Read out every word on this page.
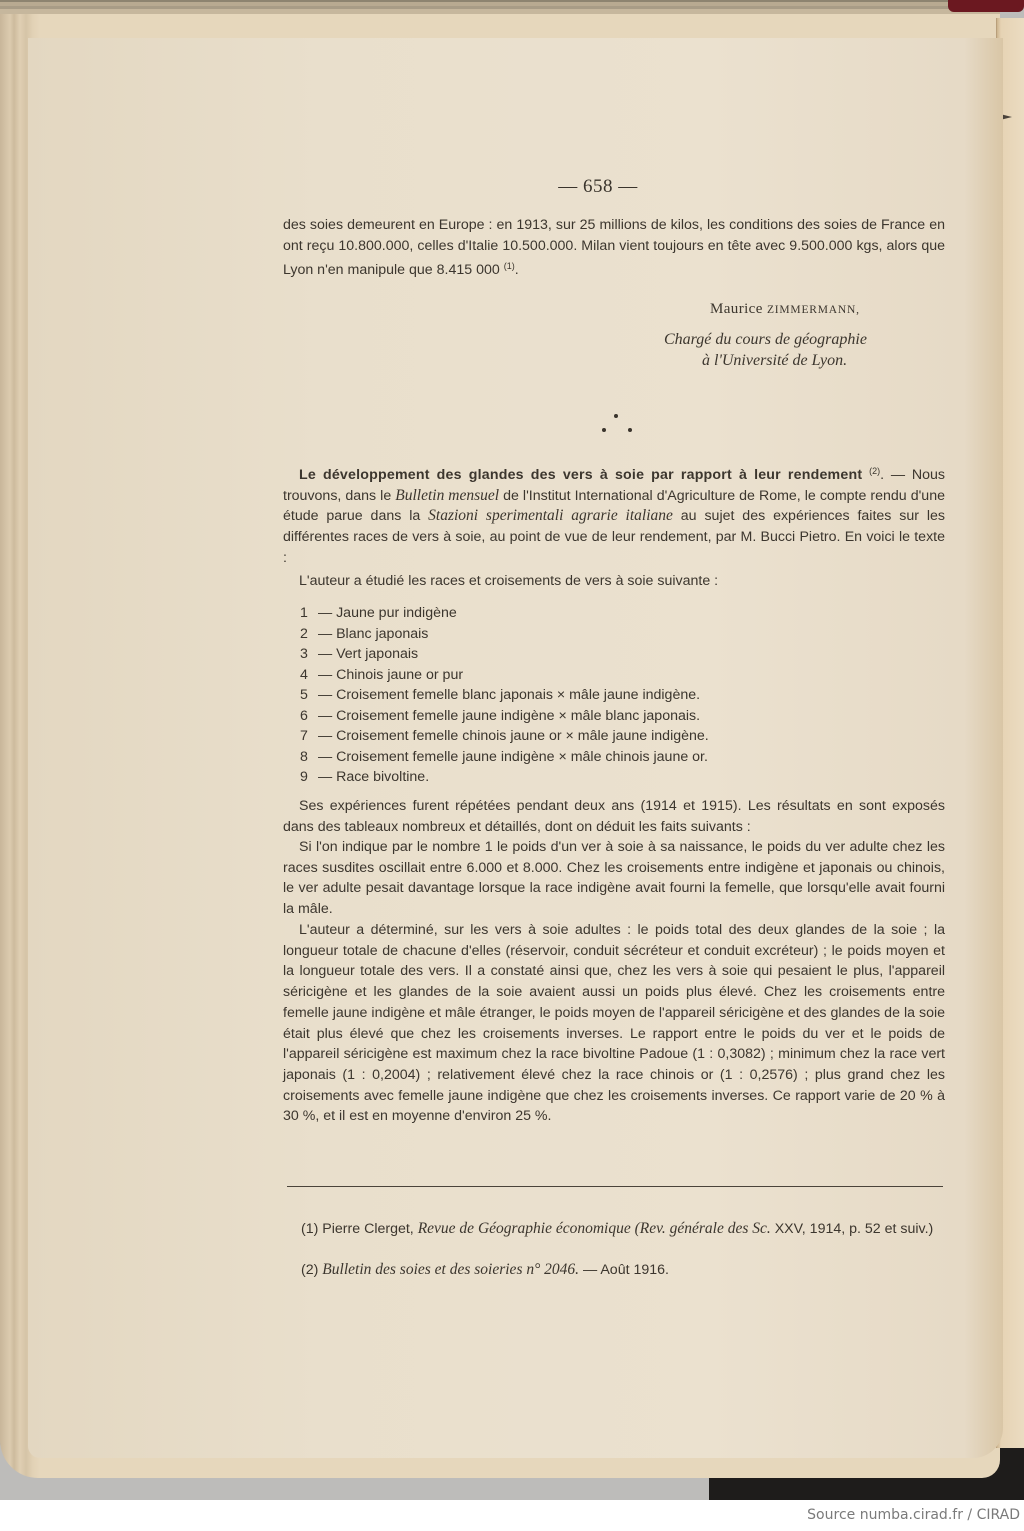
— 658 —
des soies demeurent en Europe : en 1913, sur 25 millions de kilos, les conditions des soies de France en ont reçu 10.800.000, celles d'Italie 10.500.000. Milan vient toujours en tête avec 9.500.000 kgs, alors que Lyon n'en manipule que 8.415 000 $^{(1)}$.
Maurice ZIMMERMANN,
Chargé du cours de géographie
à l'Université de Lyon.
Le développement des glandes des vers à soie par rapport à leur rendement $^{(2)}$. — Nous trouvons, dans le Bulletin mensuel de l'Institut International d'Agriculture de Rome, le compte rendu d'une étude parue dans la Stazioni sperimentali agrarie italiane au sujet des expériences faites sur les différentes races de vers à soie, au point de vue de leur rendement, par M. Bucci Pietro. En voici le texte :
L'auteur a étudié les races et croisements de vers à soie suivante :
1 — Jaune pur indigène
2 — Blanc japonais
3 — Vert japonais
4 — Chinois jaune or pur
5 — Croisement femelle blanc japonais × mâle jaune indigène.
6 — Croisement femelle jaune indigène × mâle blanc japonais.
7 — Croisement femelle chinois jaune or × mâle jaune indigène.
8 — Croisement femelle jaune indigène × mâle chinois jaune or.
9 — Race bivoltine.
Ses expériences furent répétées pendant deux ans (1914 et 1915). Les résultats en sont exposés dans des tableaux nombreux et détaillés, dont on déduit les faits suivants :
Si l'on indique par le nombre 1 le poids d'un ver à soie à sa naissance, le poids du ver adulte chez les races susdites oscillait entre 6.000 et 8.000. Chez les croisements entre indigène et japonais ou chinois, le ver adulte pesait davantage lorsque la race indigène avait fourni la femelle, que lorsqu'elle avait fourni la mâle.
L'auteur a déterminé, sur les vers à soie adultes : le poids total des deux glandes de la soie ; la longueur totale de chacune d'elles (réservoir, conduit sécréteur et conduit excréteur) ; le poids moyen et la longueur totale des vers. Il a constaté ainsi que, chez les vers à soie qui pesaient le plus, l'appareil séricigène et les glandes de la soie avaient aussi un poids plus élevé. Chez les croisements entre femelle jaune indigène et mâle étranger, le poids moyen de l'appareil séricigène et des glandes de la soie était plus élevé que chez les croisements inverses. Le rapport entre le poids du ver et le poids de l'appareil séricigène est maximum chez la race bivoltine Padoue (1 : 0,3082) ; minimum chez la race vert japonais (1 : 0,2004) ; relativement élevé chez la race chinois or (1 : 0,2576) ; plus grand chez les croisements avec femelle jaune indigène que chez les croisements inverses. Ce rapport varie de 20 % à 30 %, et il est en moyenne d'environ 25 %.
(1) Pierre Clerget, Revue de Géographie économique (Rev. générale des Sc. XXV, 1914, p. 52 et suiv.)
(2) Bulletin des soies et des soieries n° 2046. — Août 1916.
Source numba.cirad.fr / CIRAD
